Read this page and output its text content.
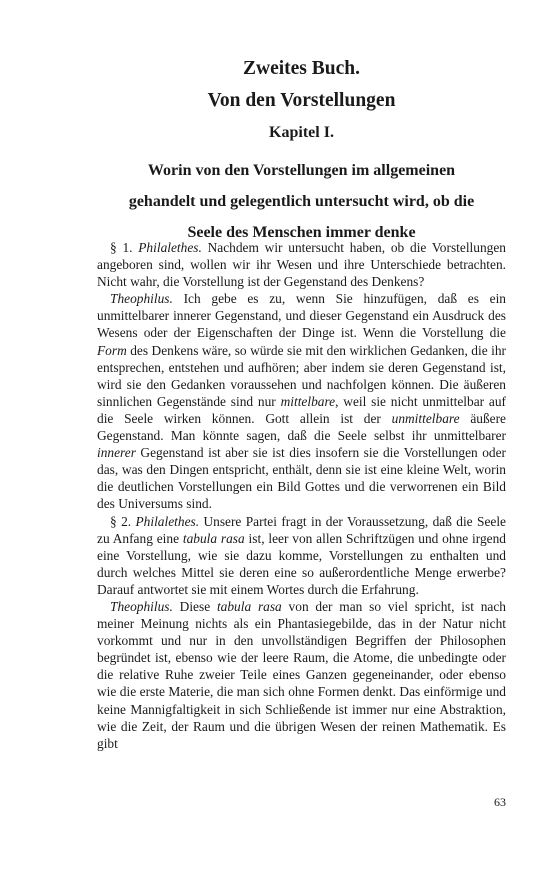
Zweites Buch.
Von den Vorstellungen
Kapitel I.
Worin von den Vorstellungen im allgemeinen
gehandelt und gelegentlich untersucht wird, ob die
Seele des Menschen immer denke

§ 1. Philalethes. Nachdem wir untersucht haben, ob die Vorstellungen angeboren sind, wollen wir ihr Wesen und ihre Unterschiede betrachten. Nicht wahr, die Vorstellung ist der Gegenstand des Denkens?

Theophilus. Ich gebe es zu, wenn Sie hinzufügen, daß es ein unmittelbarer innerer Gegenstand, und dieser Gegenstand ein Ausdruck des Wesens oder der Eigenschaften der Dinge ist. Wenn die Vorstellung die Form des Denkens wäre, so würde sie mit den wirklichen Gedanken, die ihr entsprechen, entstehen und aufhören; aber indem sie deren Gegenstand ist, wird sie den Gedanken voraussehen und nachfolgen können. Die äußeren sinnlichen Gegenstände sind nur mittelbare, weil sie nicht unmittelbar auf die Seele wirken können. Gott allein ist der unmittelbare äußere Gegenstand. Man könnte sagen, daß die Seele selbst ihr unmittelbarer innerer Gegenstand ist aber sie ist dies insofern sie die Vorstellungen oder das, was den Dingen entspricht, enthält, denn sie ist eine kleine Welt, worin die deutlichen Vorstellungen ein Bild Gottes und die verworrenen ein Bild des Universums sind.

§ 2. Philalethes. Unsere Partei fragt in der Voraussetzung, daß die Seele zu Anfang eine tabula rasa ist, leer von allen Schriftzügen und ohne irgend eine Vorstellung, wie sie dazu komme, Vorstellungen zu enthalten und durch welches Mittel sie deren eine so außerordentliche Menge erwerbe? Darauf antwortet sie mit einem Wortes durch die Erfahrung.

Theophilus. Diese tabula rasa von der man so viel spricht, ist nach meiner Meinung nichts als ein Phantasiegebilde, das in der Natur nicht vorkommt und nur in den unvollständigen Begriffen der Philosophen begründet ist, ebenso wie der leere Raum, die Atome, die unbedingte oder die relative Ruhe zweier Teile eines Ganzen gegeneinander, oder ebenso wie die erste Materie, die man sich ohne Formen denkt. Das einförmige und keine Mannigfaltigkeit in sich Schließende ist immer nur eine Abstraktion, wie die Zeit, der Raum und die übrigen Wesen der reinen Mathematik. Es gibt

63
